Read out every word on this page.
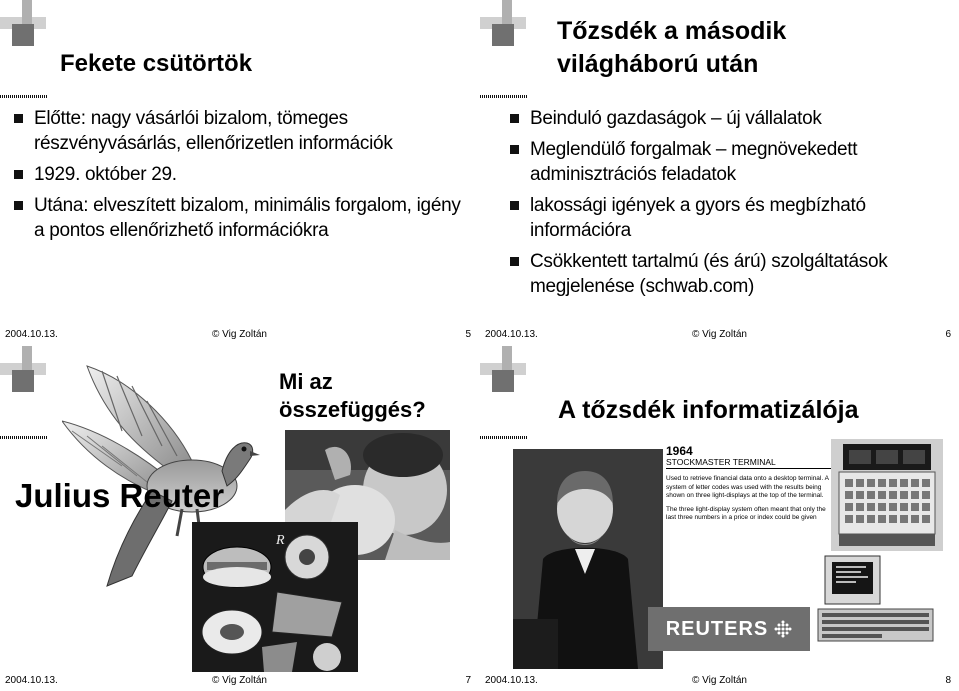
Fekete csütörtök
Előtte: nagy vásárlói bizalom, tömeges részvényvásárlás, ellenőrizetlen információk
1929. október 29.
Utána: elveszített bizalom, minimális forgalom, igény a pontos ellenőrizhető információkra
2004.10.13.	© Vig Zoltán	5
Tőzsdék a második
világháború után
Beinduló gazdaságok – új vállalatok
Meglendülő forgalmak – megnövekedett adminisztrációs feladatok
lakossági igények a gyors és megbízható információra
Csökkentett tartalmú (és árú) szolgáltatások megjelenése (schwab.com)
2004.10.13.	© Vig Zoltán	6
R
Mi az
összefüggés?
Julius Reuter
2004.10.13.	© Vig Zoltán	7
A tőzsdék informatizálója
1964
STOCKMASTER TERMINAL
Used to retrieve financial data onto a desktop terminal. A system of letter codes was used with the results being shown on three light-displays at the top of the terminal.
The three light-display system often meant that only the last three numbers in a price or index could be given
REUTERS
2004.10.13.	© Vig Zoltán	8
